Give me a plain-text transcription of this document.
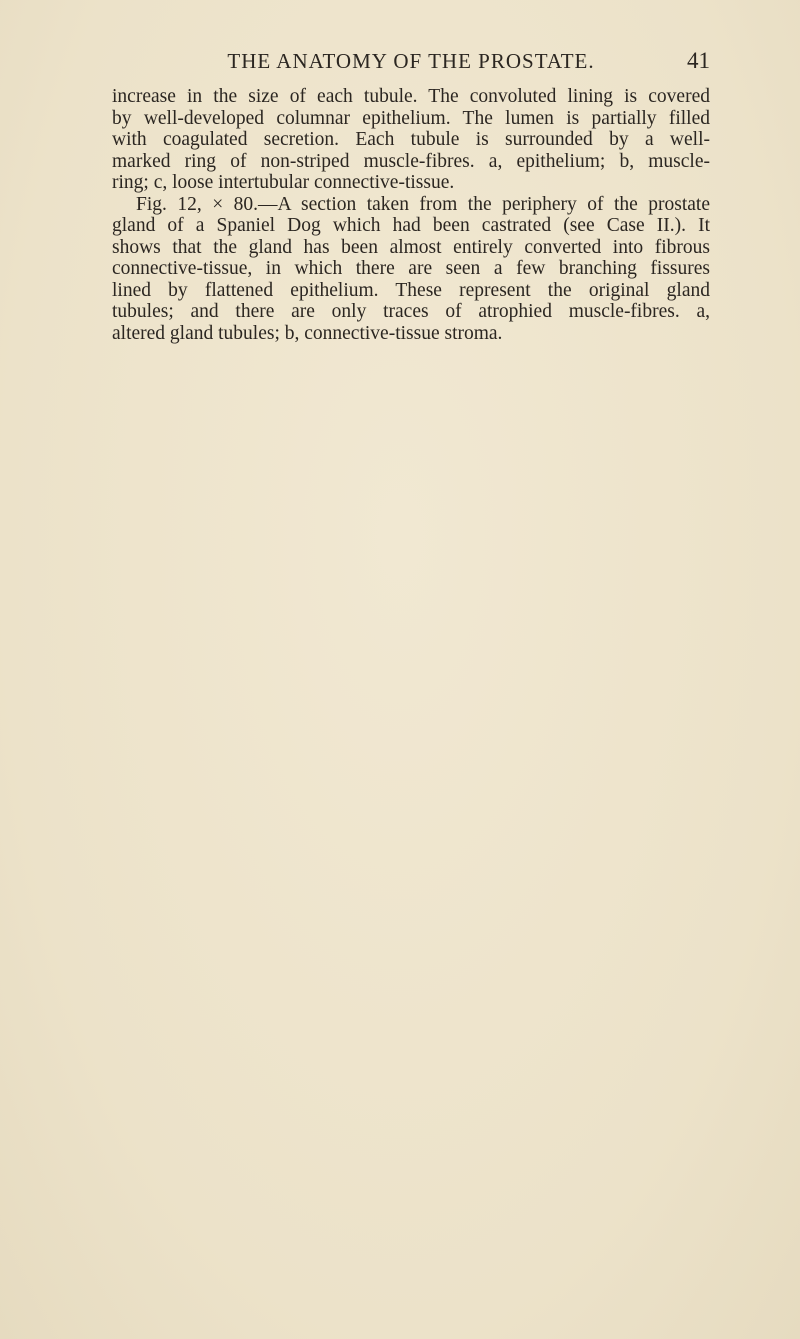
THE ANATOMY OF THE PROSTATE.	41
increase in the size of each tubule. The convoluted lining is covered
by well-developed columnar epithelium. The lumen is partially filled
with coagulated secretion. Each tubule is surrounded by a well-
marked ring of non-striped muscle-fibres. a, epithelium; b, muscle-
ring; c, loose intertubular connective-tissue.
Fig. 12, × 80.—A section taken from the periphery of the prostate
gland of a Spaniel Dog which had been castrated (see Case II.). It
shows that the gland has been almost entirely converted into fibrous
connective-tissue, in which there are seen a few branching fissures
lined by flattened epithelium. These represent the original gland
tubules; and there are only traces of atrophied muscle-fibres. a,
altered gland tubules; b, connective-tissue stroma.
